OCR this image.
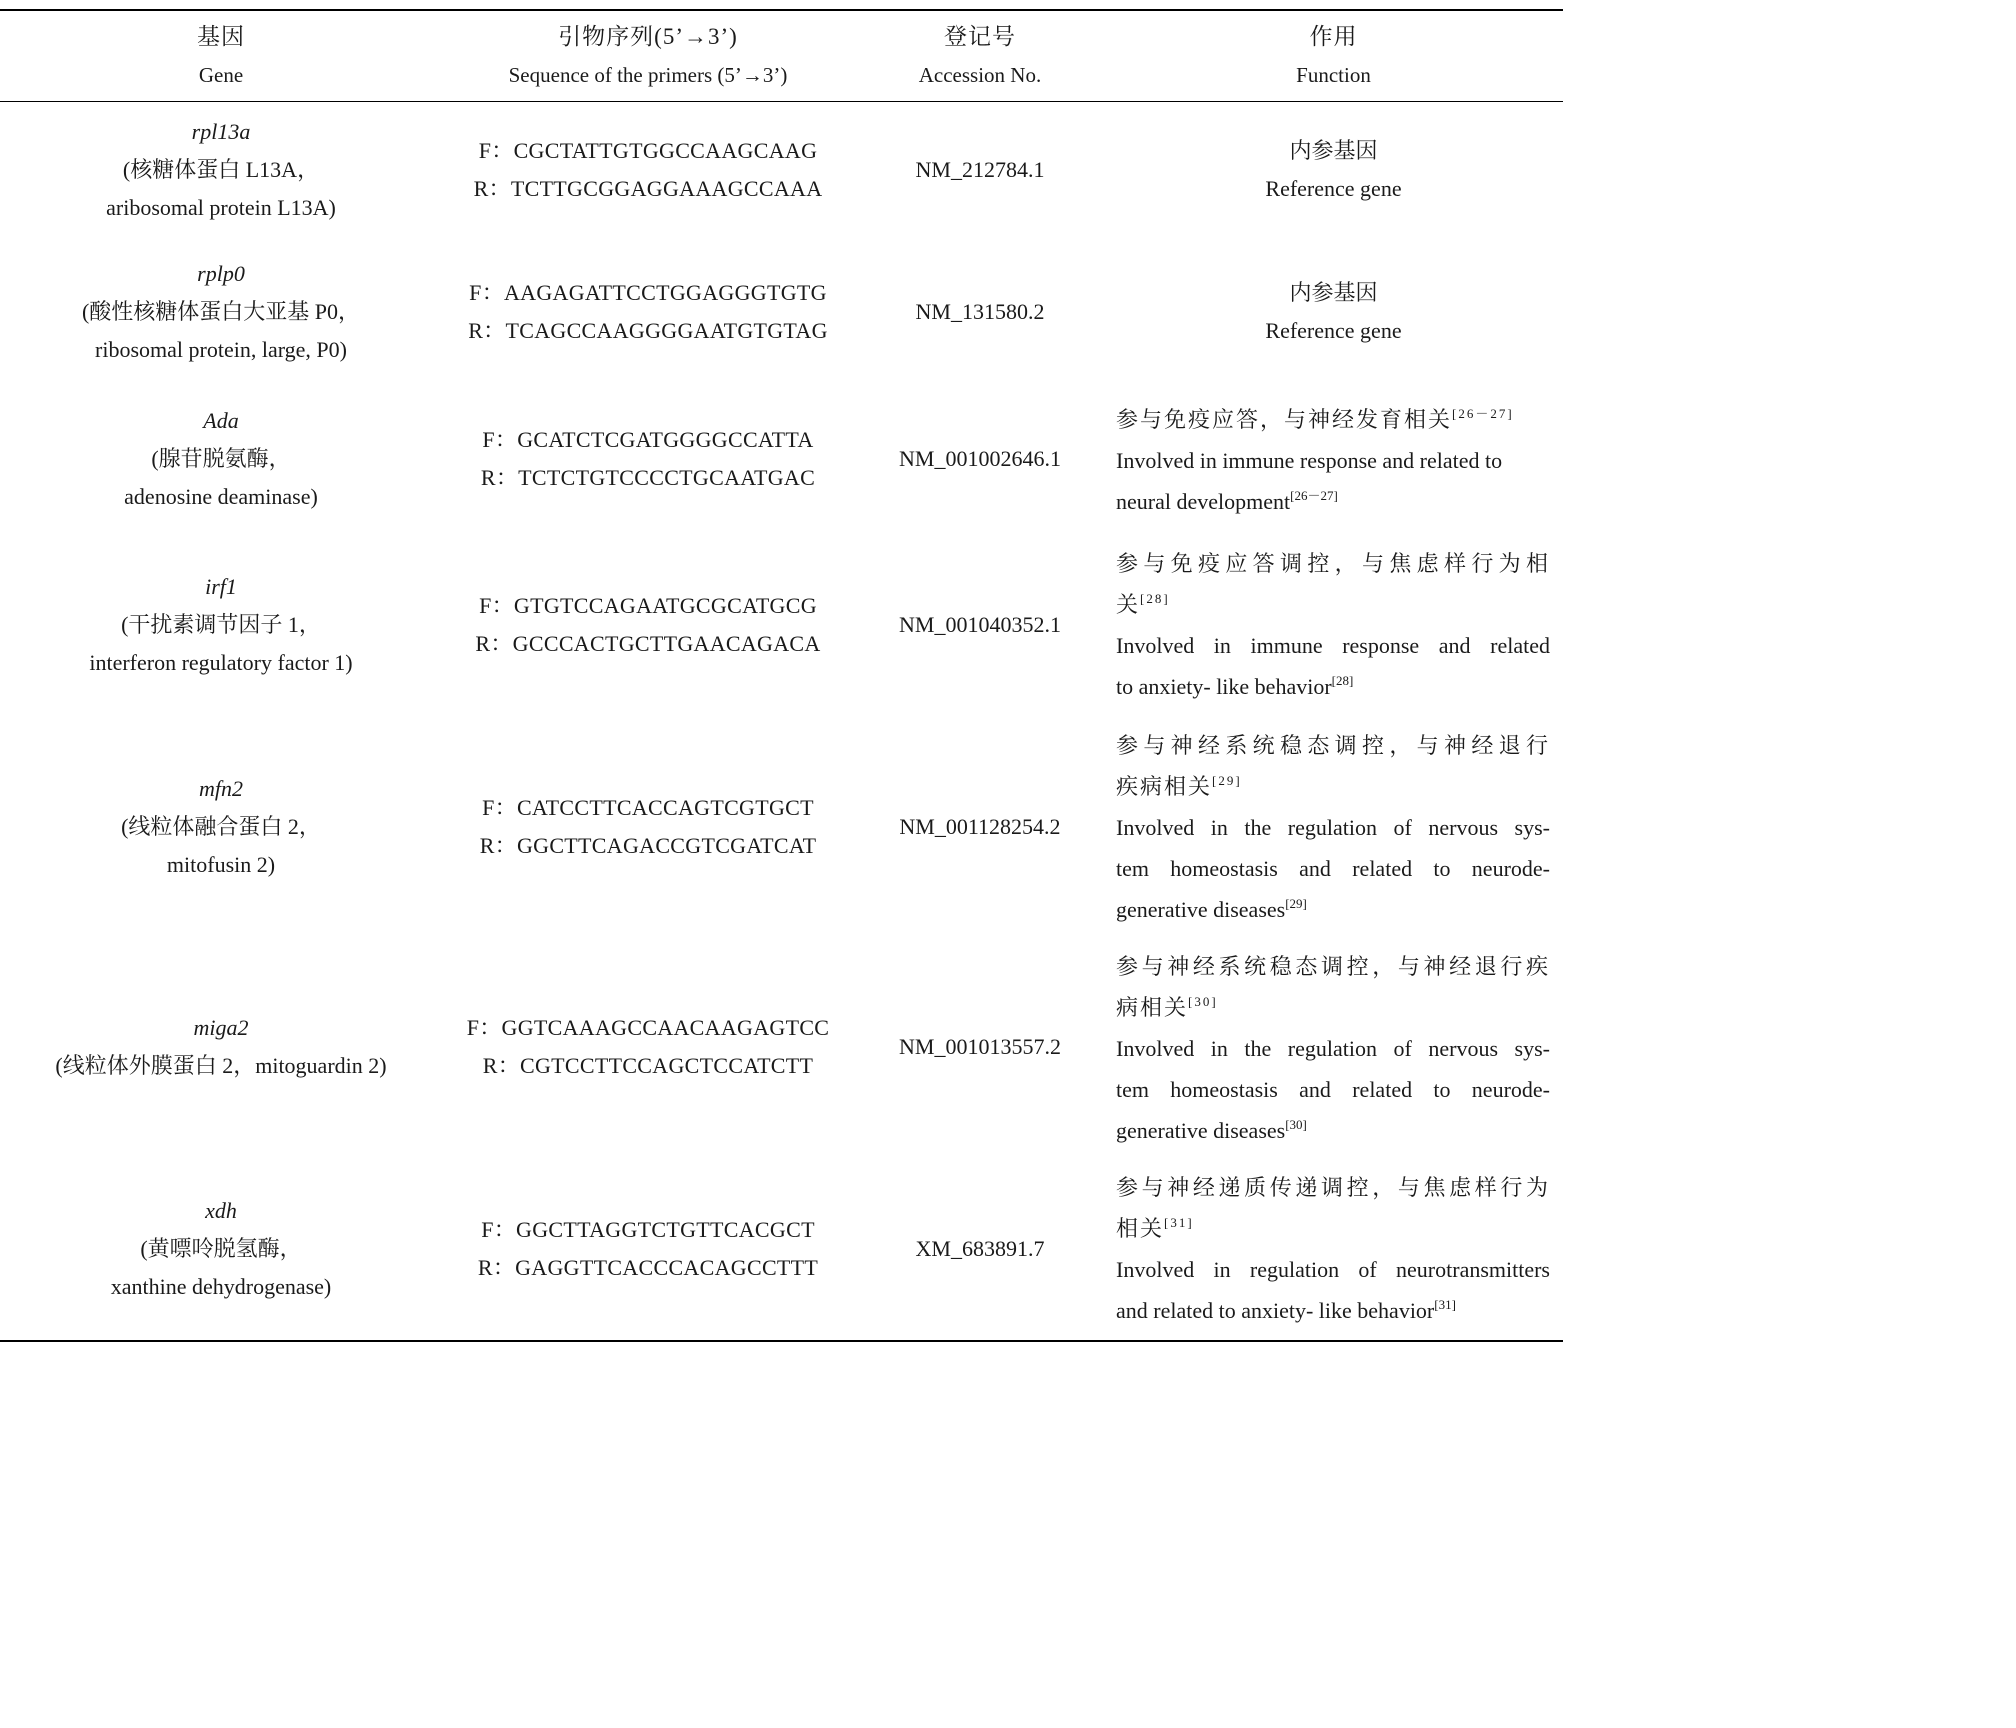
基因
Gene
引物序列(5’→3’)
Sequence of the primers (5’→3’)
登记号
Accession No.
作用
Function
rpl13a
(核糖体蛋白 L13A，
aribosomal protein L13A)
F：CGCTATTGTGGCCAAGCAAG
R：TCTTGCGGAGGAAAGCCAAA
NM_212784.1
内参基因
Reference gene
rplp0
(酸性核糖体蛋白大亚基 P0，
ribosomal protein, large, P0)
F：AAGAGATTCCTGGAGGGTGTG
R：TCAGCCAAGGGGAATGTGTAG
NM_131580.2
内参基因
Reference gene
Ada
(腺苷脱氨酶，
adenosine deaminase)
F：GCATCTCGATGGGGCCATTA
R：TCTCTGTCCCCTGCAATGAC
NM_001002646.1
参与免疫应答，与神经发育相关[26－27]
Involved in immune response and related to
neural development[26－27]
irf1
(干扰素调节因子 1，
interferon regulatory factor 1)
F：GTGTCCAGAATGCGCATGCG
R：GCCCACTGCTTGAACAGACA
NM_001040352.1
参与免疫应答调控，与焦虑样行为相
关[28]
Involved in immune response and related
to anxiety- like behavior[28]
mfn2
(线粒体融合蛋白 2，
mitofusin 2)
F：CATCCTTCACCAGTCGTGCT
R：GGCTTCAGACCGTCGATCAT
NM_001128254.2
参与神经系统稳态调控，与神经退行
疾病相关[29]
Involved in the regulation of nervous sys-
tem homeostasis and related to neurode-
generative diseases[29]
miga2
(线粒体外膜蛋白 2，mitoguardin 2)
F：GGTCAAAGCCAACAAGAGTCC
R：CGTCCTTCCAGCTCCATCTT
NM_001013557.2
参与神经系统稳态调控，与神经退行疾
病相关[30]
Involved in the regulation of nervous sys-
tem homeostasis and related to neurode-
generative diseases[30]
xdh
(黄嘌呤脱氢酶，
xanthine dehydrogenase)
F：GGCTTAGGTCTGTTCACGCT
R：GAGGTTCACCCACAGCCTTT
XM_683891.7
参与神经递质传递调控，与焦虑样行为
相关[31]
Involved in regulation of neurotransmitters
and related to anxiety- like behavior[31]
